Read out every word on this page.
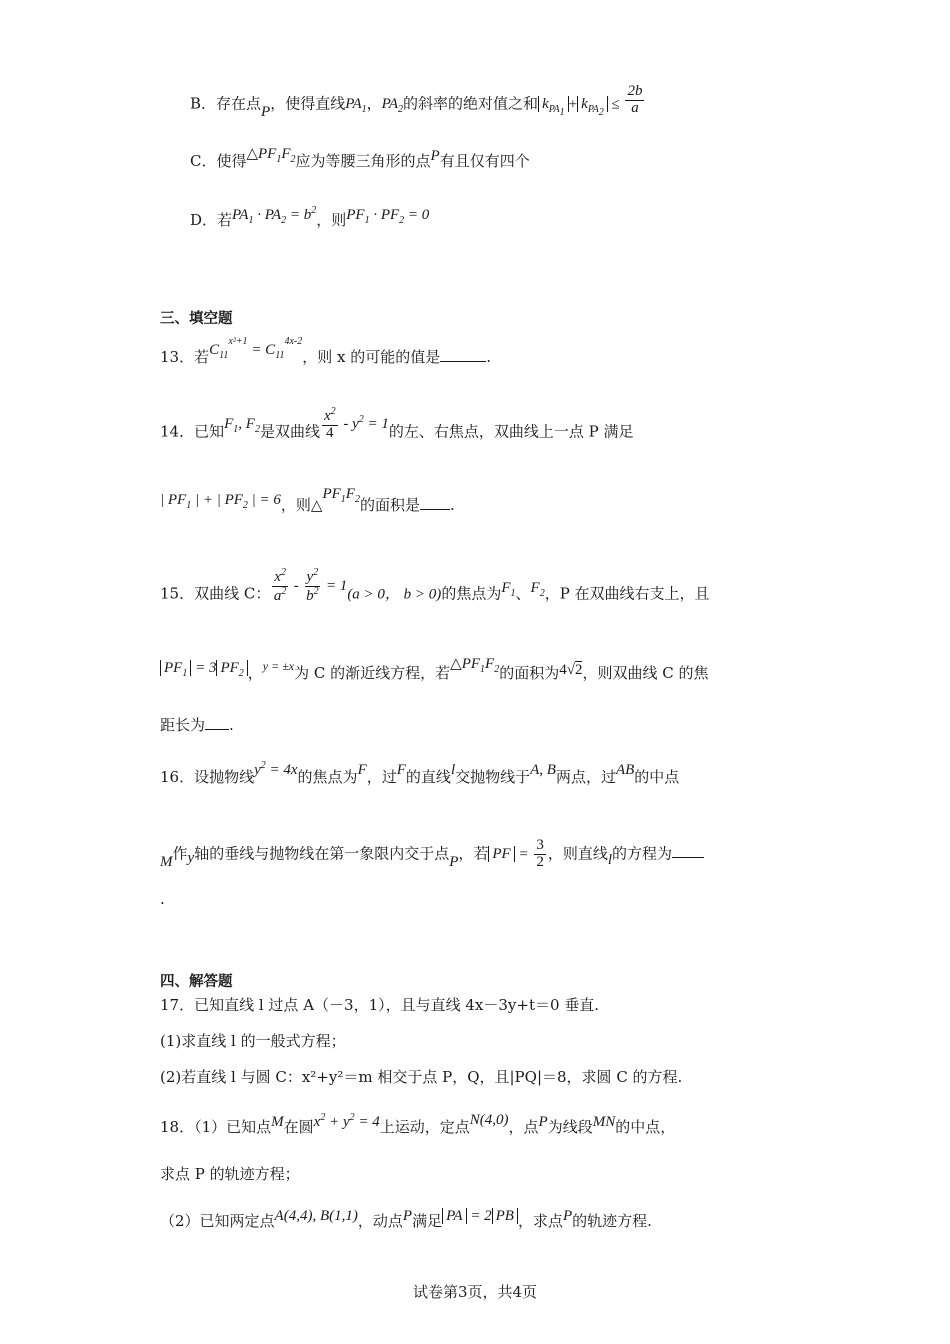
B．存在点P，使得直线$PA_1$，$PA_2$的斜率的绝对值之和 $k_{PA_1}+ k_{PA_2} \le \frac{2b}{a}$
C．使得$\triangle PF_1F_2$应为等腰三角形的点P有且仅有四个
D．若$PA_1 \cdot PA_2 = b^2$，则$PF_1 \cdot PF_2 = 0$
三、填空题
13．若$C_{11}^{x^2+1} = C_{11}^{4x-2}$，则 x 的可能的值是	.
14．已知$F_1$, $F_2$是双曲线 $\frac{x^2}{4} - y^2 = 1$的左、右焦点，双曲线上一点 P 满足
| $PF_1$ | + | $PF_2$ | = 6，则$\triangle PF_1F_2$的面积是 .
15．双曲线 C： $\frac{x^2}{a^2} - \frac{y^2}{b^2} = 1(a > 0$， b > 0)的焦点为$F_1$、$F_2$，P 在双曲线右支上，且
$PF_1 = 3$ $PF_2$ ，$^{y = \pm x}$为 C 的渐近线方程，若$\triangle PF_1F_2$的面积为4√2，则双曲线 C 的焦
距长为 .
16．设抛物线$y^2 = 4x$的焦点为F，过F的直线l交抛物线于A, B两点，过AB的中点
M作y轴的垂线与抛物线在第一象限内交于点P，若 PF = $\frac{3}{2}$ ，则直线l的方程为
.
四、解答题
17．已知直线 l 过点 A（－3，1），且与直线 4x－3y+t＝0 垂直.
(1)求直线 l 的一般式方程；
(2)若直线 l 与圆 C：x²+y²＝m 相交于点 P，Q，且|PQ|＝8，求圆 C 的方程.
18．（1）已知点M在圆$x^2 + y^2 = 4$上运动，定点N(4,0)，点P为线段MN的中点，
求点 P 的轨迹方程；
（2）已知两定点A(4,4), B(1,1)，动点P满足 PA = 2 PB ，求点P的轨迹方程.
试卷第3页，共4页
